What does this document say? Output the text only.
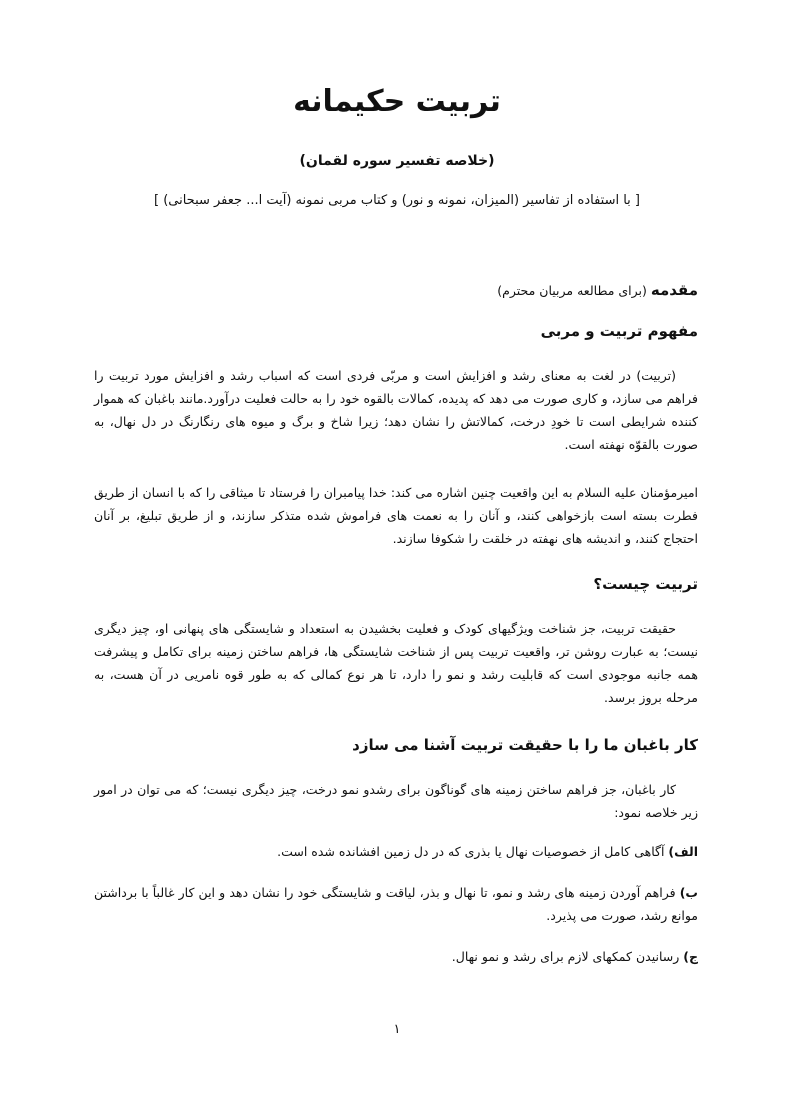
تربیت حکیمانه
(خلاصه تفسیر سوره لقمان)
[ با استفاده از تفاسیر (المیزان، نمونه و نور) و کتاب مربی نمونه (آیت ا... جعفر سبحانی) ]
مقدمه (برای مطالعه مربیان محترم)
مفهوم تربیت و مربی

(تربیت) در لغت به معنای رشد و افزایش است و مربّی فردی است که اسباب رشد و افزایش مورد تربیت را فراهم می سازد، و کاری صورت می دهد که پدیده، کمالات بالقوه خود را به حالت فعلیت درآورد.مانند باغبان که هموار کننده شرایطی است تا خودِ درخت، کمالاتش را نشان دهد؛ زیرا شاخ و برگ و میوه های رنگارنگ در دل نهال، به صورت بالقوّه نهفته است.

امیرمؤمنان علیه السلام به این واقعیت چنین اشاره می کند: خدا پیامبران را فرستاد تا میثاقی را که با انسان از طریق فطرت بسته است بازخواهی کنند، و آنان را به نعمت های فراموش شده متذکر سازند، و از طریق تبلیغ، بر آنان احتجاج کنند، و اندیشه های نهفته در خلقت را شکوفا سازند.

تربیت چیست؟

حقیقت تربیت، جز شناخت ویژگیهای کودک و فعلیت بخشیدن به استعداد و شایستگی های پنهانی او، چیز دیگری نیست؛ به عبارت روشن تر، واقعیت تربیت پس از شناخت شایستگی ها، فراهم ساختن زمینه برای تکامل و پیشرفت همه جانبه موجودی است که قابلیت رشد و نمو را دارد، تا هر نوع کمالی که به طور قوه نامریی در آن هست، به مرحله بروز برسد.

کار باغبان ما را با حقیقت تربیت آشنا می سازد

کار باغبان، جز فراهم ساختن زمینه های گوناگون برای رشدو نمو درخت، چیز دیگری نیست؛ که می توان در امور زیر خلاصه نمود:

الف) آگاهی کامل از خصوصیات نهال یا بذری که در دل زمین افشانده شده است.

ب) فراهم آوردن زمینه های رشد و نمو، تا نهال و بذر، لیاقت و شایستگی خود را نشان دهد و این کار غالباً با برداشتن موانع رشد، صورت می پذیرد.

ج) رسانیدن کمکهای لازم برای رشد و نمو نهال.

۱
